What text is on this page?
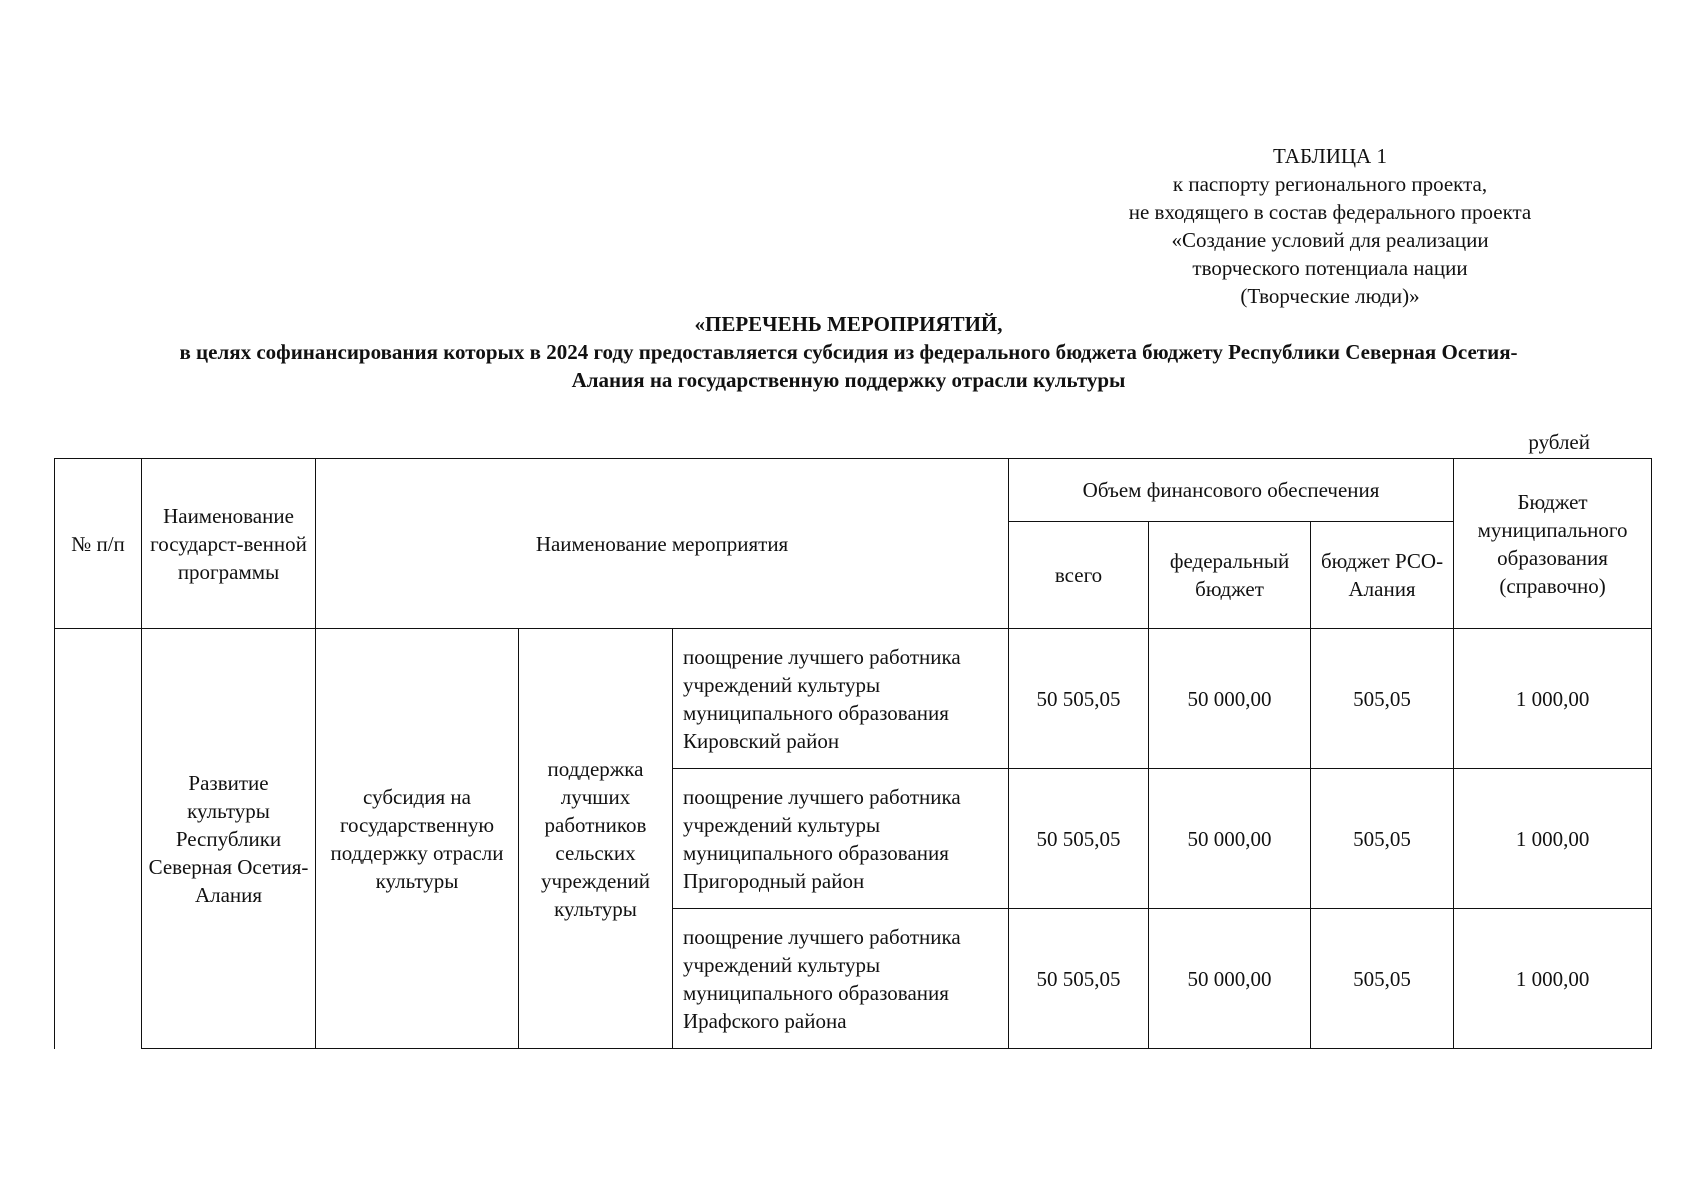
ТАБЛИЦА 1
к паспорту регионального проекта,
не входящего в состав федерального проекта
«Создание условий для реализации
творческого потенциала нации
(Творческие люди)»
«ПЕРЕЧЕНЬ МЕРОПРИЯТИЙ,
в целях софинансирования которых в 2024 году предоставляется субсидия из федерального бюджета бюджету Республики Северная Осетия-
Алания на государственную поддержку отрасли культуры
рублей
№ п/п	Наименование государст-венной программы	Наименование мероприятия			Объем финансового обеспечения			Бюджет муниципального образования (справочно)
					всего	федеральный бюджет	бюджет РСО-Алания	
	Развитие культуры Республики Северная Осетия-Алания	субсидия на государственную поддержку отрасли культуры	поддержка лучших работников сельских учреждений культуры	поощрение лучшего работника учреждений культуры муниципального образования Кировский район	50 505,05	50 000,00	505,05	1 000,00
				поощрение лучшего работника учреждений культуры муниципального образования Пригородный район	50 505,05	50 000,00	505,05	1 000,00
				поощрение лучшего работника учреждений культуры муниципального образования Ирафского района	50 505,05	50 000,00	505,05	1 000,00
